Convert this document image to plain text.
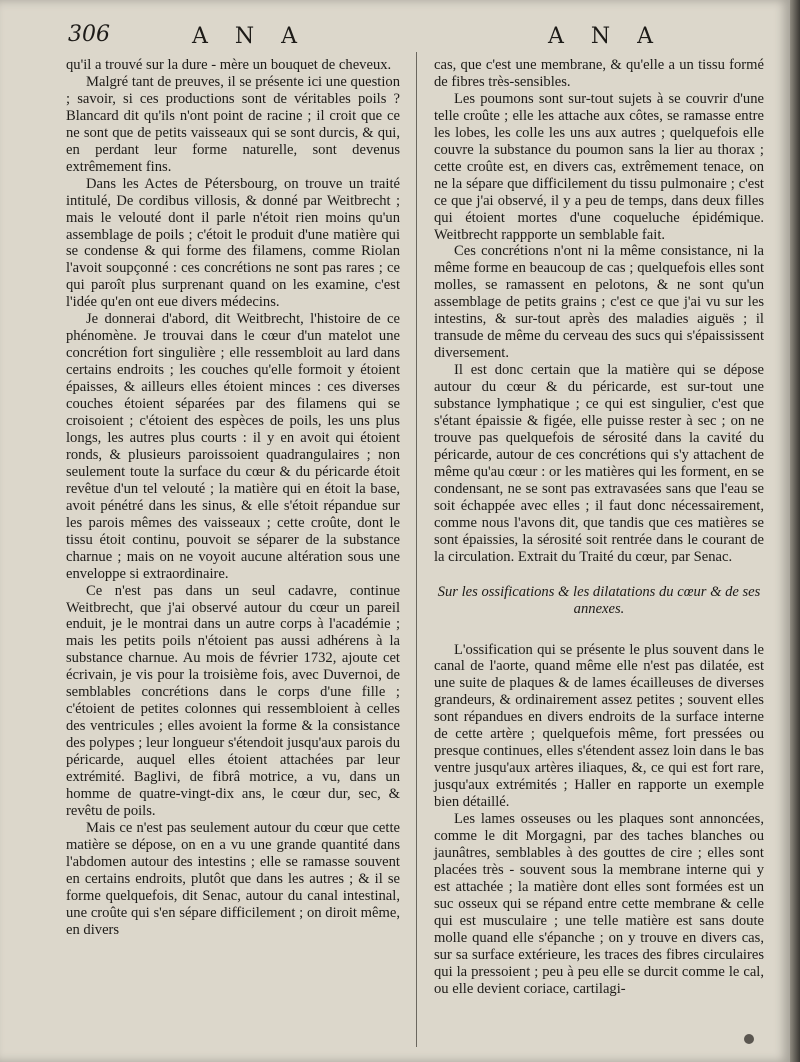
306	A N A	A N A

qu'il a trouvé sur la dure - mère un bouquet de cheveux.

Malgré tant de preuves, il se présente ici une question ; savoir, si ces productions sont de véritables poils ? Blancard dit qu'ils n'ont point de racine ; il croit que ce ne sont que de petits vaisseaux qui se sont durcis, & qui, en perdant leur forme naturelle, sont devenus extrêmement fins.

Dans les Actes de Pétersbourg, on trouve un traité intitulé, De cordibus villosis, & donné par Weitbrecht ; mais le velouté dont il parle n'étoit rien moins qu'un assemblage de poils ; c'étoit le produit d'une matière qui se condense & qui forme des filamens, comme Riolan l'avoit soupçonné : ces concrétions ne sont pas rares ; ce qui paroît plus surprenant quand on les examine, c'est l'idée qu'en ont eue divers médecins.

Je donnerai d'abord, dit Weitbrecht, l'histoire de ce phénomène. Je trouvai dans le cœur d'un matelot une concrétion fort singulière ; elle ressembloit au lard dans certains endroits ; les couches qu'elle formoit y étoient épaisses, & ailleurs elles étoient minces : ces diverses couches étoient séparées par des filamens qui se croisoient ; c'étoient des espèces de poils, les uns plus longs, les autres plus courts : il y en avoit qui étoient ronds, & plusieurs paroissoient quadrangulaires ; non seulement toute la surface du cœur & du péricarde étoit revêtue d'un tel velouté ; la matière qui en étoit la base, avoit pénétré dans les sinus, & elle s'étoit répandue sur les parois mêmes des vaisseaux ; cette croûte, dont le tissu étoit continu, pouvoit se séparer de la substance charnue ; mais on ne voyoit aucune altération sous une enveloppe si extraordinaire.

Ce n'est pas dans un seul cadavre, continue Weitbrecht, que j'ai observé autour du cœur un pareil enduit, je le montrai dans un autre corps à l'académie ; mais les petits poils n'étoient pas aussi adhérens à la substance charnue. Au mois de février 1732, ajoute cet écrivain, je vis pour la troisième fois, avec Duvernoi, de semblables concrétions dans le corps d'une fille ; c'étoient de petites colonnes qui ressembloient à celles des ventricules ; elles avoient la forme & la consistance des polypes ; leur longueur s'étendoit jusqu'aux parois du péricarde, auquel elles étoient attachées par leur extrémité. Baglivi, de fibrâ motrice, a vu, dans un homme de quatre-vingt-dix ans, le cœur dur, sec, & revêtu de poils.

Mais ce n'est pas seulement autour du cœur que cette matière se dépose, on en a vu une grande quantité dans l'abdomen autour des intestins ; elle se ramasse souvent en certains endroits, plutôt que dans les autres ; & il se forme quelquefois, dit Senac, autour du canal intestinal, une croûte qui s'en sépare difficilement ; on diroit même, en divers

cas, que c'est une membrane, & qu'elle a un tissu formé de fibres très-sensibles.

Les poumons sont sur-tout sujets à se couvrir d'une telle croûte ; elle les attache aux côtes, se ramasse entre les lobes, les colle les uns aux autres ; quelquefois elle couvre la substance du poumon sans la lier au thorax ; cette croûte est, en divers cas, extrêmement tenace, on ne la sépare que difficilement du tissu pulmonaire ; c'est ce que j'ai observé, il y a peu de temps, dans deux filles qui étoient mortes d'une coqueluche épidémique. Weitbrecht rappporte un semblable fait.

Ces concrétions n'ont ni la même consistance, ni la même forme en beaucoup de cas ; quelquefois elles sont molles, se ramassent en pelotons, & ne sont qu'un assemblage de petits grains ; c'est ce que j'ai vu sur les intestins, & sur-tout après des maladies aiguës ; il transude de même du cerveau des sucs qui s'épaississent diversement.

Il est donc certain que la matière qui se dépose autour du cœur & du péricarde, est sur-tout une substance lymphatique ; ce qui est singulier, c'est que s'étant épaissie & figée, elle puisse rester à sec ; on ne trouve pas quelquefois de sérosité dans la cavité du péricarde, autour de ces concrétions qui s'y attachent de même qu'au cœur : or les matières qui les forment, en se condensant, ne se sont pas extravasées sans que l'eau se soit échappée avec elles ; il faut donc nécessairement, comme nous l'avons dit, que tandis que ces matières se sont épaissies, la sérosité soit rentrée dans le courant de la circulation. Extrait du Traité du cœur, par Senac.

Sur les ossifications & les dilatations du cœur & de ses annexes.

L'ossification qui se présente le plus souvent dans le canal de l'aorte, quand même elle n'est pas dilatée, est une suite de plaques & de lames écailleuses de diverses grandeurs, & ordinairement assez petites ; souvent elles sont répandues en divers endroits de la surface interne de cette artère ; quelquefois même, fort pressées ou presque continues, elles s'étendent assez loin dans le bas ventre jusqu'aux artères iliaques, &, ce qui est fort rare, jusqu'aux extrémités ; Haller en rapporte un exemple bien détaillé.

Les lames osseuses ou les plaques sont annoncées, comme le dit Morgagni, par des taches blanches ou jaunâtres, semblables à des gouttes de cire ; elles sont placées très - souvent sous la membrane interne qui y est attachée ; la matière dont elles sont formées est un suc osseux qui se répand entre cette membrane & celle qui est musculaire ; une telle matière est sans doute molle quand elle s'épanche ; on y trouve en divers cas, sur sa surface extérieure, les traces des fibres circulaires qui la pressoient ; peu à peu elle se durcit comme le cal, ou elle devient coriace, cartilagi-
